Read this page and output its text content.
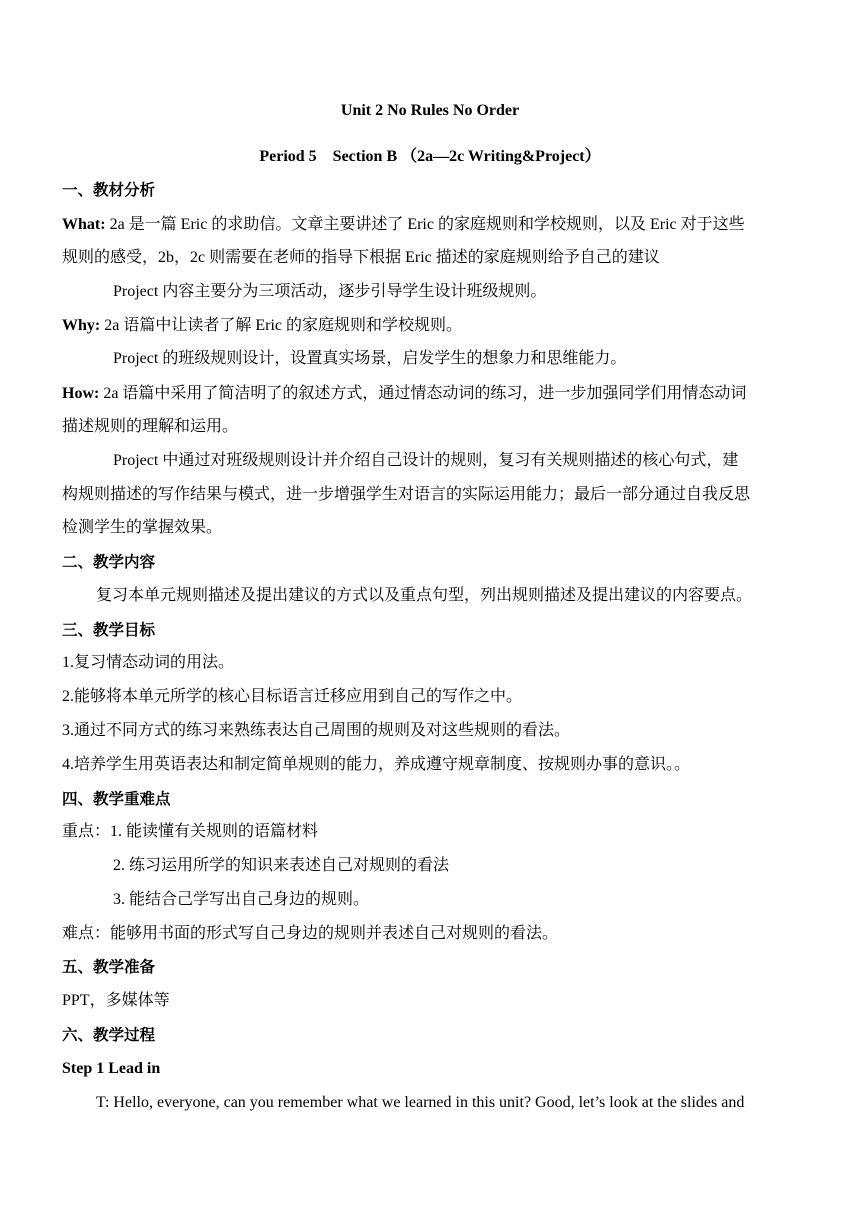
Unit 2 No Rules No Order
Period 5　Section B （2a—2c Writing&Project）
一、教材分析
What: 2a 是一篇 Eric 的求助信。文章主要讲述了 Eric 的家庭规则和学校规则，以及 Eric 对于这些
规则的感受，2b，2c 则需要在老师的指导下根据 Eric 描述的家庭规则给予自己的建议
Project 内容主要分为三项活动，逐步引导学生设计班级规则。
Why: 2a 语篇中让读者了解 Eric 的家庭规则和学校规则。
Project 的班级规则设计，设置真实场景，启发学生的想象力和思维能力。
How: 2a 语篇中采用了简洁明了的叙述方式，通过情态动词的练习，进一步加强同学们用情态动词
描述规则的理解和运用。
Project 中通过对班级规则设计并介绍自己设计的规则，复习有关规则描述的核心句式，建
构规则描述的写作结果与模式，进一步增强学生对语言的实际运用能力；最后一部分通过自我反思
检测学生的掌握效果。
二、教学内容
复习本单元规则描述及提出建议的方式以及重点句型，列出规则描述及提出建议的内容要点。
三、教学目标
1.复习情态动词的用法。
2.能够将本单元所学的核心目标语言迁移应用到自己的写作之中。
3.通过不同方式的练习来熟练表达自己周围的规则及对这些规则的看法。
4.培养学生用英语表达和制定简单规则的能力，养成遵守规章制度、按规则办事的意识。。
四、教学重难点
重点：1. 能读懂有关规则的语篇材料
2. 练习运用所学的知识来表述自己对规则的看法
3. 能结合己学写出自己身边的规则。
难点：能够用书面的形式写自己身边的规则并表述自己对规则的看法。
五、教学准备
PPT，多媒体等
六、教学过程
Step 1 Lead in
T: Hello, everyone, can you remember what we learned in this unit? Good, let’s look at the slides and
